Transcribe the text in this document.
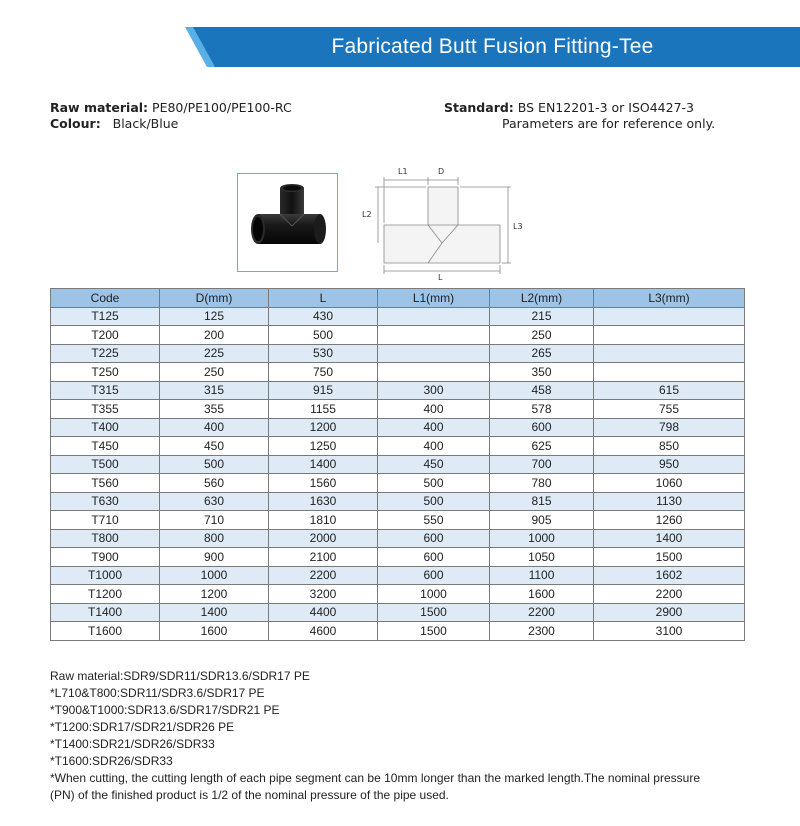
Fabricated Butt Fusion Fitting-Tee
Raw material: PE80/PE100/PE100-RC
Colour: Black/Blue
Standard: BS EN12201-3 or ISO4427-3
Parameters are for reference only.
L1	D
L2
L3
L
Code	D(mm)	L	L1(mm)	L2(mm)	L3(mm)
T125	125	430		215	
T200	200	500		250	
T225	225	530		265	
T250	250	750		350	
T315	315	915	300	458	615
T355	355	1155	400	578	755
T400	400	1200	400	600	798
T450	450	1250	400	625	850
T500	500	1400	450	700	950
T560	560	1560	500	780	1060
T630	630	1630	500	815	1130
T710	710	1810	550	905	1260
T800	800	2000	600	1000	1400
T900	900	2100	600	1050	1500
T1000	1000	2200	600	1100	1602
T1200	1200	3200	1000	1600	2200
T1400	1400	4400	1500	2200	2900
T1600	1600	4600	1500	2300	3100
Raw material:SDR9/SDR11/SDR13.6/SDR17 PE
*L710&T800:SDR11/SDR3.6/SDR17 PE
*T900&T1000:SDR13.6/SDR17/SDR21 PE
*T1200:SDR17/SDR21/SDR26 PE
*T1400:SDR21/SDR26/SDR33
*T1600:SDR26/SDR33
*When cutting, the cutting length of each pipe segment can be 10mm longer than the marked length.The nominal pressure (PN) of the finished product is 1/2 of the nominal pressure of the pipe used.
